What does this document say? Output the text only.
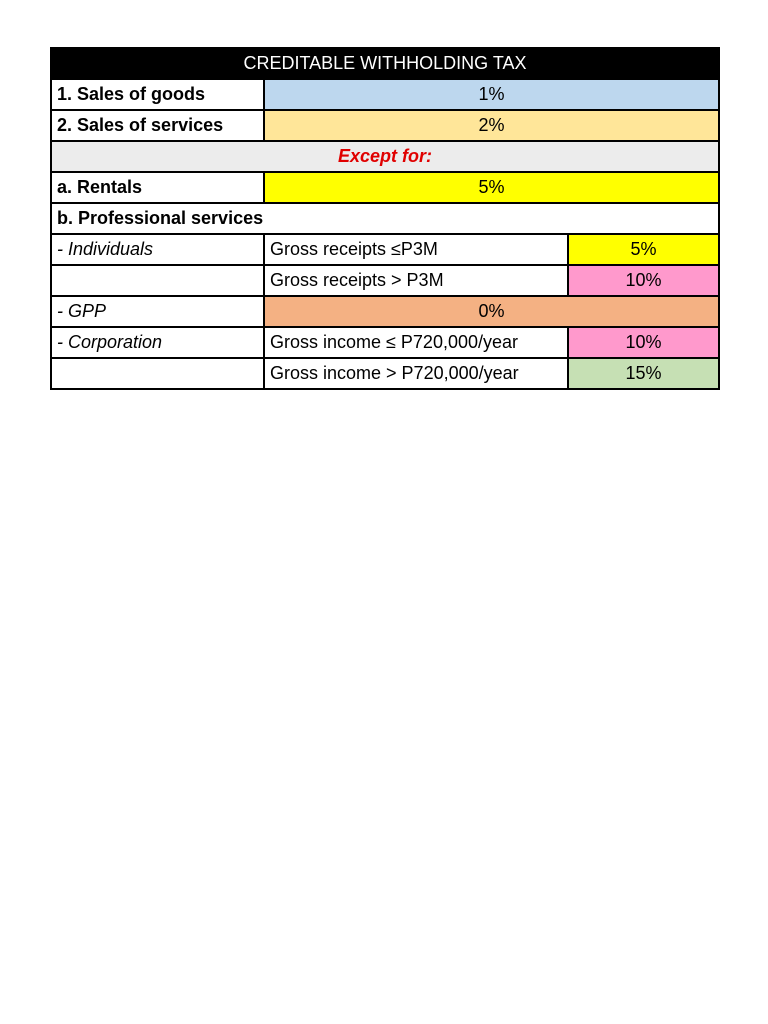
CREDITABLE WITHHOLDING TAX		
1. Sales of goods	1%	
2. Sales of services	2%	
Except for:		
a. Rentals	5%	
b. Professional services		
- Individuals	Gross receipts ≤P3M	5%
	Gross receipts > P3M	10%
- GPP	0%	
- Corporation	Gross income ≤ P720,000/year	10%
	Gross income > P720,000/year	15%
